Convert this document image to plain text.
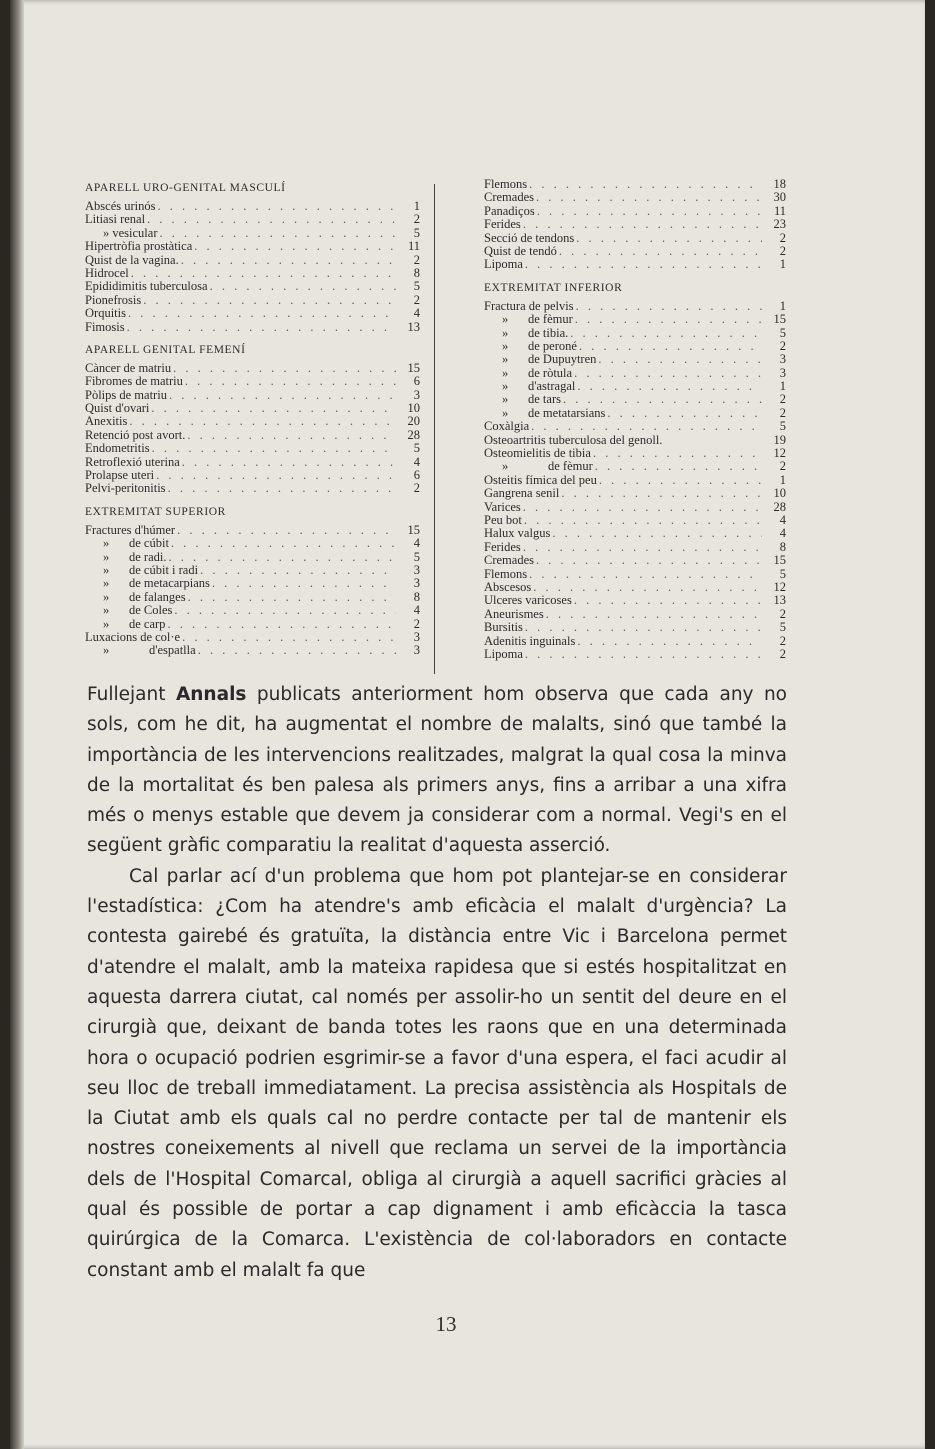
APARELL URO-GENITAL MASCULÍ
Abscés urinós . . .	1
Litiasi renal . . .	2
» vesicular . . .	5
Hipertròfia prostàtica . . .	11
Quist de la vagina. . . .	2
Hidrocel . . .	8
Epididimitis tuberculosa . . .	5
Pionefrosis . . .	2
Orquitis . . .	4
Fimosis . . .	13
APARELL GENITAL FEMENÍ
Càncer de matriu . . .	15
Fibromes de matriu . . .	6
Pòlips de matriu . . .	3
Quist d'ovari . . .	10
Anexitis . . .	20
Retenció post avort. . . .	28
Endometritis . . .	5
Retroflexió uterina . . .	4
Prolapse uteri . . .	6
Pelvi-peritonitis . . .	2
EXTREMITAT SUPERIOR
Fractures d'húmer . . .	15
» de cúbit . . .	4
» de radi. . . .	5
» de cúbit i radi . . .	3
» de metacarpians . . .	3
» de falanges . . .	8
» de Coles . . .	4
» de carp . . .	2
Luxacions de col·e . . .	3
»	d'espatlla . . .	3
Flemons . . .	18
Cremades . . .	30
Panadiços . . .	11
Ferides . . .	23
Secció de tendons . . .	2
Quist de tendó . . .	2
Lipoma . . .	1
EXTREMITAT INFERIOR
Fractura de pelvis . . .	1
» de fèmur . . .	15
» de tibia. . . .	5
» de peroné . . .	2
» de Dupuytren . . .	3
» de ròtula . . .	3
» d'astragal . . .	1
» de tars . . .	2
» de metatarsians . . .	2
Coxàlgia . . .	5
Osteoartritis tuberculosa del genoll.	19
Osteomielitis de tibia . . .	12
»	de fèmur . . .	2
Osteitis fímica del peu . . .	1
Gangrena senil . . .	10
Varices . . .	28
Peu bot . . .	4
Halux valgus . . .	4
Ferides . . .	8
Cremades . . .	15
Flemons . . .	5
Abscesos . . .	12
Ulceres varicoses . . .	13
Aneurismes . . .	2
Bursitis . . .	5
Adenitis inguinals . . .	2
Lipoma . . .	2

Fullejant Annals publicats anteriorment hom observa que cada any no sols, com he dit, ha augmentat el nombre de malalts, sinó que també la importància de les intervencions realitzades, malgrat la qual cosa la minva de la mortalitat és ben palesa als primers anys, fins a arribar a una xifra més o menys estable que devem ja considerar com a normal. Vegi's en el següent gràfic comparatiu la realitat d'aquesta asserció.

Cal parlar ací d'un problema que hom pot plantejar-se en considerar l'estadística: ¿Com ha atendre's amb eficàcia el malalt d'urgència? La contesta gairebé és gratuïta, la distància entre Vic i Barcelona permet d'atendre el malalt, amb la mateixa rapidesa que si estés hospitalitzat en aquesta darrera ciutat, cal només per assolir-ho un sentit del deure en el cirurgià que, deixant de banda totes les raons que en una determinada hora o ocupació podrien esgrimir-se a favor d'una espera, el faci acudir al seu lloc de treball immediatament. La precisa assistència als Hospitals de la Ciutat amb els quals cal no perdre contacte per tal de mantenir els nostres coneixements al nivell que reclama un servei de la importància dels de l'Hospital Comarcal, obliga al cirurgià a aquell sacrifici gràcies al qual és possible de portar a cap dignament i amb eficàccia la tasca quirúrgica de la Comarca. L'existència de col·laboradors en contacte constant amb el malalt fa que

13
